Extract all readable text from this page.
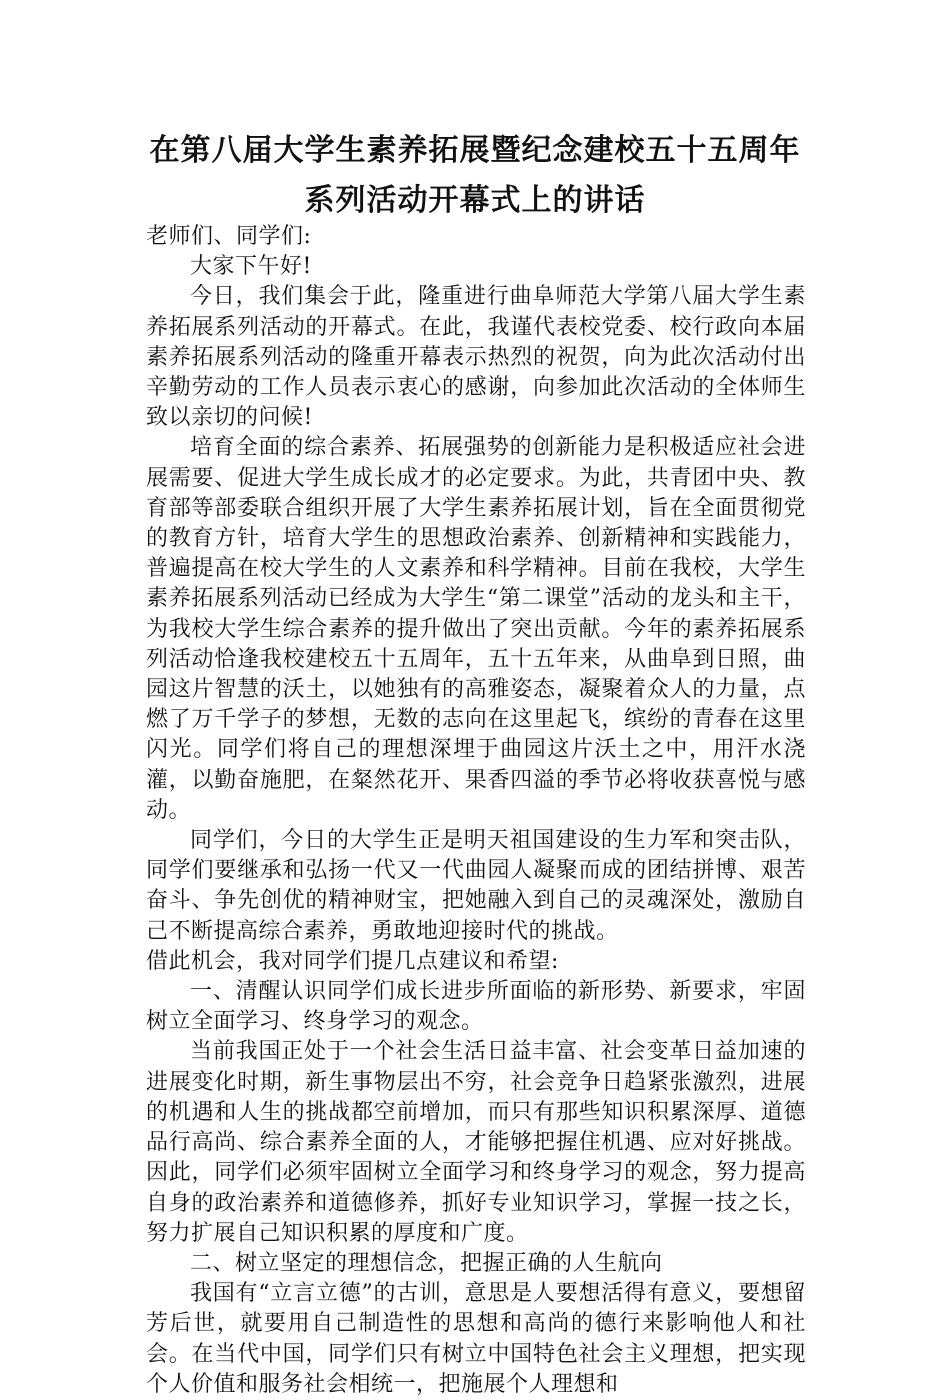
在第八届大学生素养拓展暨纪念建校五十五周年
系列活动开幕式上的讲话

老师们、同学们:

大家下午好!

今日，我们集会于此，隆重进行曲阜师范大学第八届大学生素养拓展系列活动的开幕式。在此，我谨代表校党委、校行政向本届素养拓展系列活动的隆重开幕表示热烈的祝贺，向为此次活动付出辛勤劳动的工作人员表示衷心的感谢，向参加此次活动的全体师生致以亲切的问候!

培育全面的综合素养、拓展强势的创新能力是积极适应社会进展需要、促进大学生成长成才的必定要求。为此，共青团中央、教育部等部委联合组织开展了大学生素养拓展计划，旨在全面贯彻党的教育方针，培育大学生的思想政治素养、创新精神和实践能力，普遍提高在校大学生的人文素养和科学精神。目前在我校，大学生素养拓展系列活动已经成为大学生“第二课堂”活动的龙头和主干，为我校大学生综合素养的提升做出了突出贡献。今年的素养拓展系列活动恰逢我校建校五十五周年，五十五年来，从曲阜到日照，曲园这片智慧的沃土，以她独有的高雅姿态，凝聚着众人的力量，点燃了万千学子的梦想，无数的志向在这里起飞，缤纷的青春在这里闪光。同学们将自己的理想深埋于曲园这片沃土之中，用汗水浇灌，以勤奋施肥，在粲然花开、果香四溢的季节必将收获喜悦与感动。

同学们，今日的大学生正是明天祖国建设的生力军和突击队，同学们要继承和弘扬一代又一代曲园人凝聚而成的团结拼博、艰苦奋斗、争先创优的精神财宝，把她融入到自己的灵魂深处，激励自己不断提高综合素养，勇敢地迎接时代的挑战。

借此机会，我对同学们提几点建议和希望:

一、清醒认识同学们成长进步所面临的新形势、新要求，牢固树立全面学习、终身学习的观念。

当前我国正处于一个社会生活日益丰富、社会变革日益加速的进展变化时期，新生事物层出不穷，社会竞争日趋紧张激烈，进展的机遇和人生的挑战都空前增加，而只有那些知识积累深厚、道德品行高尚、综合素养全面的人，才能够把握住机遇、应对好挑战。因此，同学们必须牢固树立全面学习和终身学习的观念，努力提高自身的政治素养和道德修养，抓好专业知识学习，掌握一技之长，努力扩展自己知识积累的厚度和广度。

二、树立坚定的理想信念，把握正确的人生航向

我国有“立言立德”的古训，意思是人要想活得有意义，要想留芳后世，就要用自己制造性的思想和高尚的德行来影响他人和社会。在当代中国，同学们只有树立中国特色社会主义理想，把实现个人价值和服务社会相统一，把施展个人理想和
